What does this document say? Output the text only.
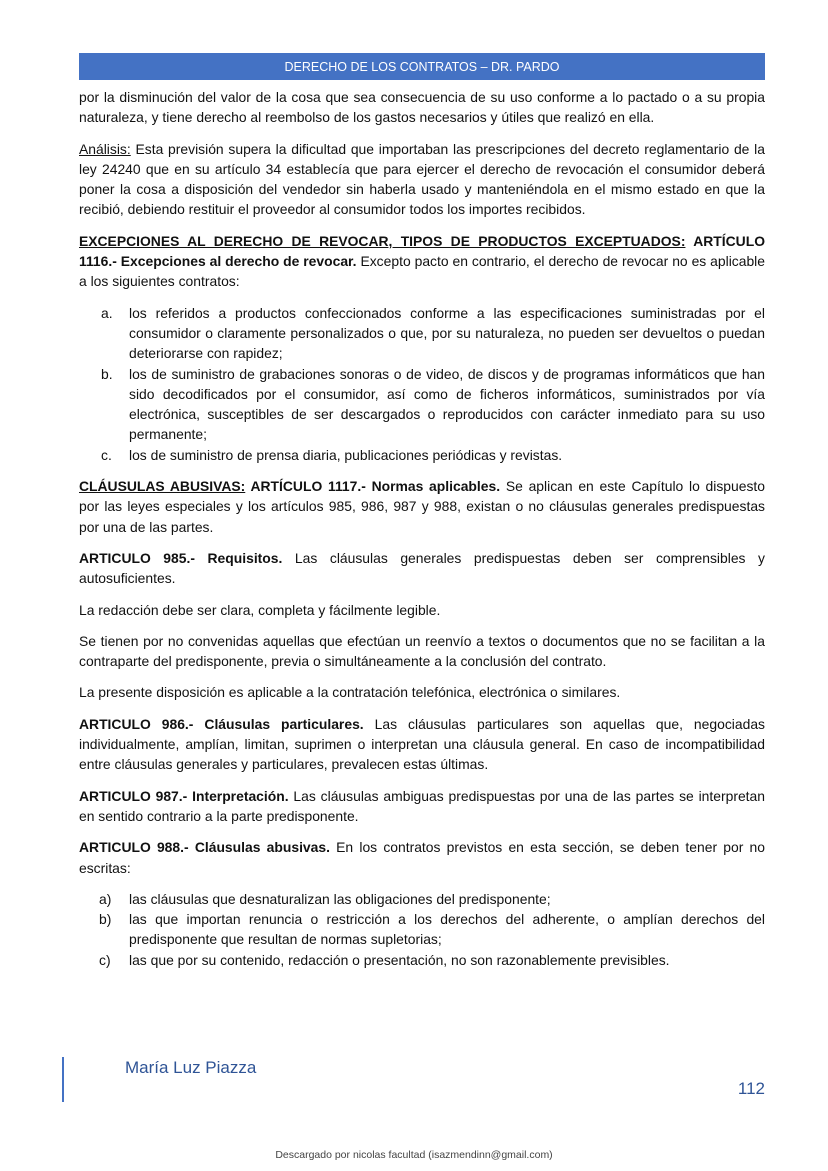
DERECHO DE LOS CONTRATOS – DR. PARDO

por la disminución del valor de la cosa que sea consecuencia de su uso conforme a lo pactado o a su propia naturaleza, y tiene derecho al reembolso de los gastos necesarios y útiles que realizó en ella.

Análisis: Esta previsión supera la dificultad que importaban las prescripciones del decreto reglamentario de la ley 24240 que en su artículo 34 establecía que para ejercer el derecho de revocación el consumidor deberá poner la cosa a disposición del vendedor sin haberla usado y manteniéndola en el mismo estado en que la recibió, debiendo restituir el proveedor al consumidor todos los importes recibidos.

EXCEPCIONES AL DERECHO DE REVOCAR, TIPOS DE PRODUCTOS EXCEPTUADOS: ARTÍCULO 1116.- Excepciones al derecho de revocar. Excepto pacto en contrario, el derecho de revocar no es aplicable a los siguientes contratos:

a. los referidos a productos confeccionados conforme a las especificaciones suministradas por el consumidor o claramente personalizados o que, por su naturaleza, no pueden ser devueltos o puedan deteriorarse con rapidez;
b. los de suministro de grabaciones sonoras o de video, de discos y de programas informáticos que han sido decodificados por el consumidor, así como de ficheros informáticos, suministrados por vía electrónica, susceptibles de ser descargados o reproducidos con carácter inmediato para su uso permanente;
c. los de suministro de prensa diaria, publicaciones periódicas y revistas.

CLÁUSULAS ABUSIVAS: ARTÍCULO 1117.- Normas aplicables. Se aplican en este Capítulo lo dispuesto por las leyes especiales y los artículos 985, 986, 987 y 988, existan o no cláusulas generales predispuestas por una de las partes.

ARTICULO 985.- Requisitos. Las cláusulas generales predispuestas deben ser comprensibles y autosuficientes.

La redacción debe ser clara, completa y fácilmente legible.

Se tienen por no convenidas aquellas que efectúan un reenvío a textos o documentos que no se facilitan a la contraparte del predisponente, previa o simultáneamente a la conclusión del contrato.

La presente disposición es aplicable a la contratación telefónica, electrónica o similares.

ARTICULO 986.- Cláusulas particulares. Las cláusulas particulares son aquellas que, negociadas individualmente, amplían, limitan, suprimen o interpretan una cláusula general. En caso de incompatibilidad entre cláusulas generales y particulares, prevalecen estas últimas.

ARTICULO 987.- Interpretación. Las cláusulas ambiguas predispuestas por una de las partes se interpretan en sentido contrario a la parte predisponente.

ARTICULO 988.- Cláusulas abusivas. En los contratos previstos en esta sección, se deben tener por no escritas:

a) las cláusulas que desnaturalizan las obligaciones del predisponente;
b) las que importan renuncia o restricción a los derechos del adherente, o amplían derechos del predisponente que resultan de normas supletorias;
c) las que por su contenido, redacción o presentación, no son razonablemente previsibles.
María Luz Piazza
112
Descargado por nicolas facultad (isazmendinn@gmail.com)
